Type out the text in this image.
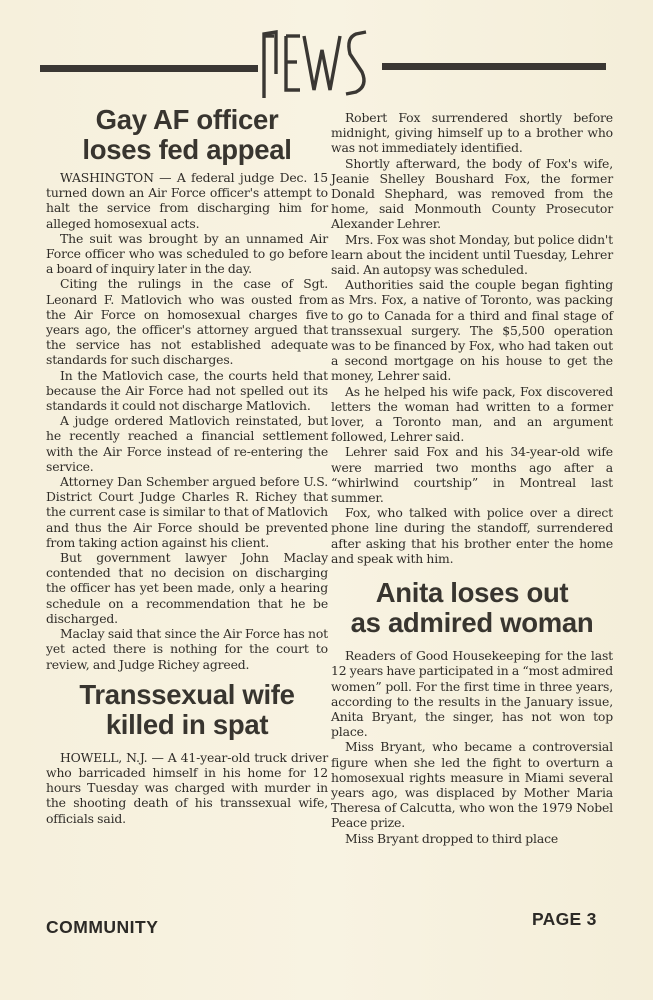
Gay AF officer
loses fed appeal

WASHINGTON — A federal judge Dec. 15 turned down an Air Force officer's attempt to halt the service from discharging him for alleged homosexual acts.

The suit was brought by an unnamed Air Force officer who was scheduled to go before a board of inquiry later in the day.

Citing the rulings in the case of Sgt. Leonard F. Matlovich who was ousted from the Air Force on homosexual charges five years ago, the officer's attorney argued that the service has not established adequate standards for such discharges.

In the Matlovich case, the courts held that because the Air Force had not spelled out its standards it could not discharge Matlovich.

A judge ordered Matlovich reinstated, but he recently reached a financial settlement with the Air Force instead of re-entering the service.

Attorney Dan Schember argued before U.S. District Court Judge Charles R. Richey that the current case is similar to that of Matlovich and thus the Air Force should be prevented from taking action against his client.

But government lawyer John Maclay contended that no decision on discharging the officer has yet been made, only a hearing schedule on a recommendation that he be discharged.

Maclay said that since the Air Force has not yet acted there is nothing for the court to review, and Judge Richey agreed.

Transsexual wife
killed in spat

HOWELL, N.J. — A 41-year-old truck driver who barricaded himself in his home for 12 hours Tuesday was charged with murder in the shooting death of his transsexual wife, officials said.

Robert Fox surrendered shortly before midnight, giving himself up to a brother who was not immediately identified.

Shortly afterward, the body of Fox's wife, Jeanie Shelley Boushard Fox, the former Donald Shephard, was removed from the home, said Monmouth County Prosecutor Alexander Lehrer.

Mrs. Fox was shot Monday, but police didn't learn about the incident until Tuesday, Lehrer said. An autopsy was scheduled.

Authorities said the couple began fighting as Mrs. Fox, a native of Toronto, was packing to go to Canada for a third and final stage of transsexual surgery. The $5,500 operation was to be financed by Fox, who had taken out a second mortgage on his house to get the money, Lehrer said.

As he helped his wife pack, Fox discovered letters the woman had written to a former lover, a Toronto man, and an argument followed, Lehrer said.

Lehrer said Fox and his 34-year-old wife were married two months ago after a “whirlwind courtship” in Montreal last summer.

Fox, who talked with police over a direct phone line during the standoff, surrendered after asking that his brother enter the home and speak with him.

Anita loses out
as admired woman

Readers of Good Housekeeping for the last 12 years have participated in a “most admired women” poll. For the first time in three years, according to the results in the January issue, Anita Bryant, the singer, has not won top place.

Miss Bryant, who became a controversial figure when she led the fight to overturn a homosexual rights measure in Miami several years ago, was displaced by Mother Maria Theresa of Calcutta, who won the 1979 Nobel Peace prize.

Miss Bryant dropped to third place

COMMUNITY	PAGE 3
